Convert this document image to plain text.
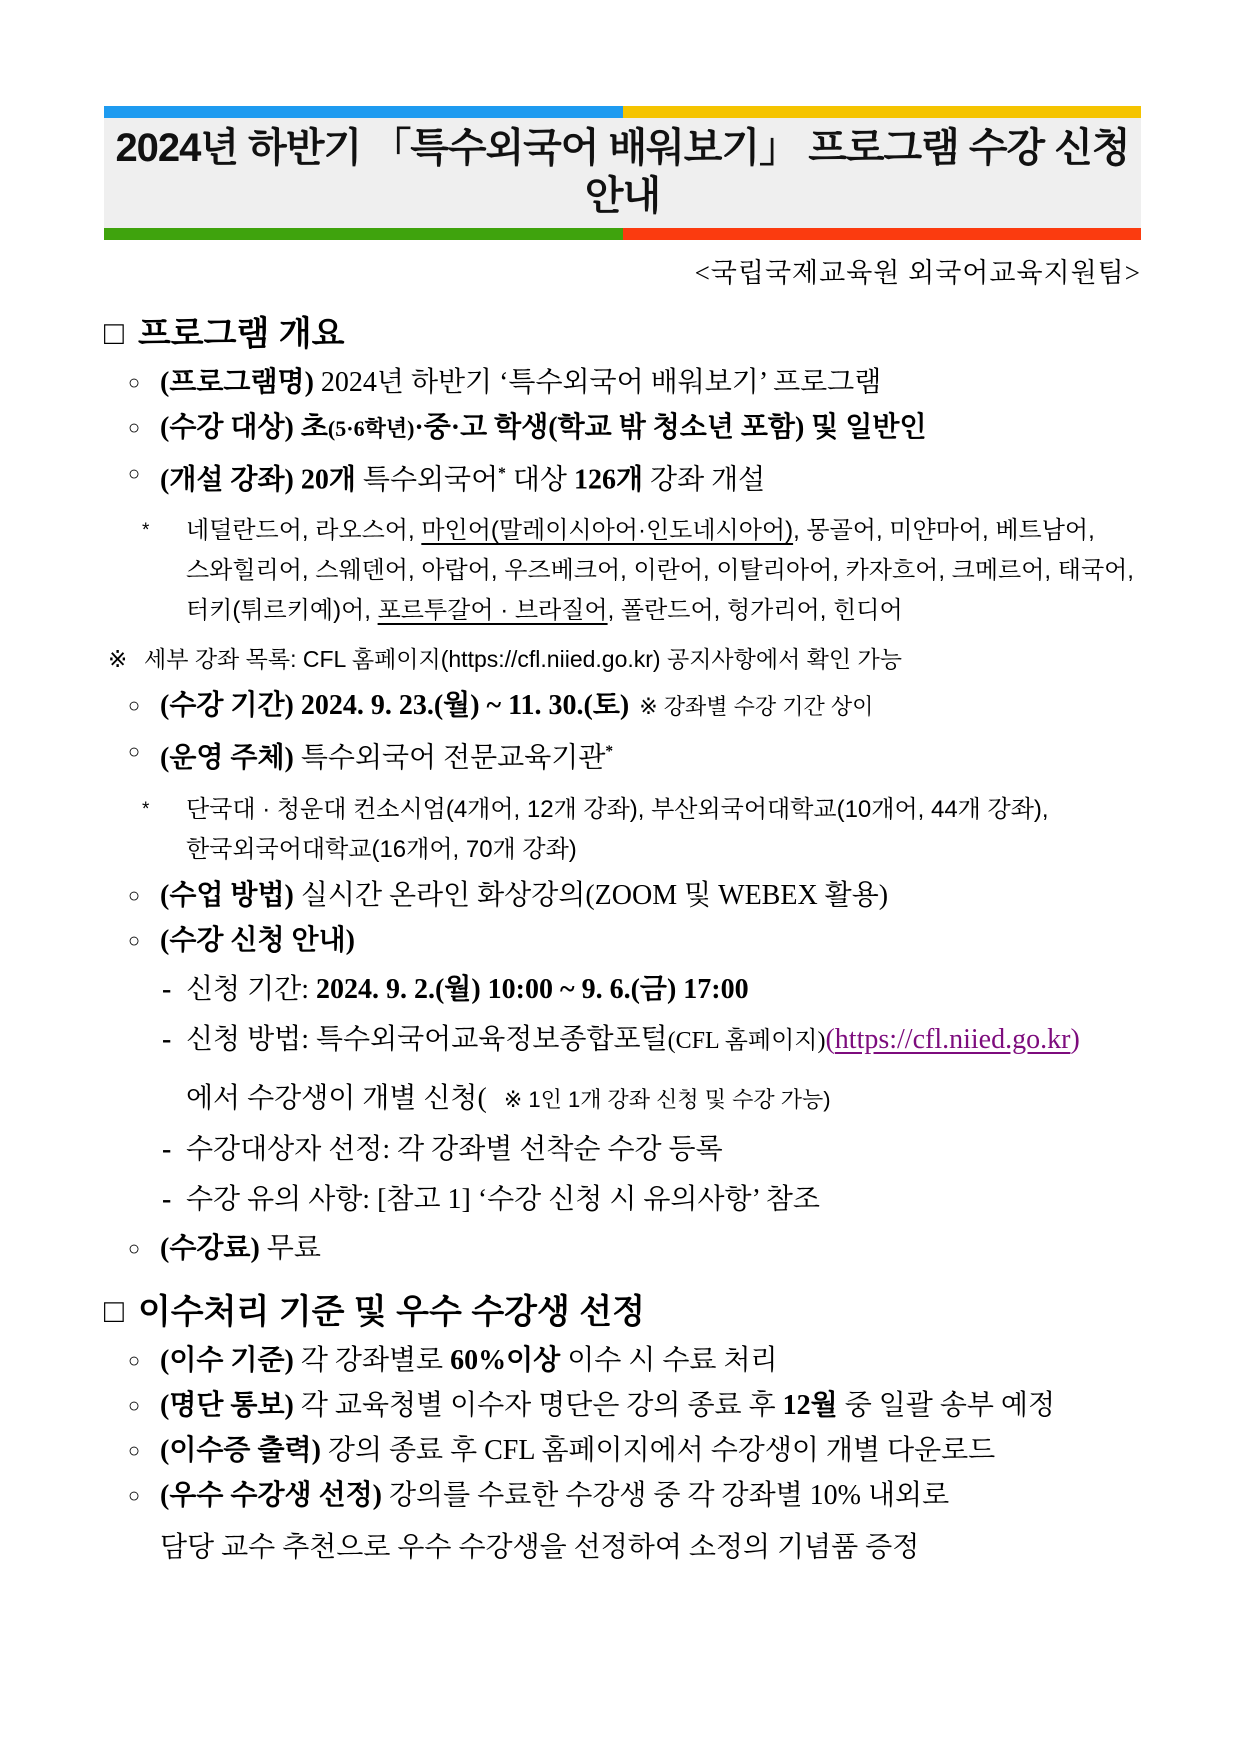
2024년 하반기 「특수외국어 배워보기」 프로그램 수강 신청 안내
<국립국제교육원 외국어교육지원팀>
□ 프로그램 개요
○ (프로그램명) 2024년 하반기 ‘특수외국어 배워보기’ 프로그램
○ (수강 대상) 초(5·6학년)·중·고 학생(학교 밖 청소년 포함) 및 일반인
○ (개설 강좌) 20개 특수외국어* 대상 126개 강좌 개설
*	네덜란드어, 라오스어, 마인어(말레이시아어·인도네시아어), 몽골어, 미얀마어, 베트남어,
스와힐리어, 스웨덴어, 아랍어, 우즈베크어, 이란어, 이탈리아어, 카자흐어, 크메르어, 태국어,
터키(튀르키예)어, 포르투갈어 · 브라질어, 폴란드어, 헝가리어, 힌디어
※ 세부 강좌 목록: CFL 홈페이지(https://cfl.niied.go.kr) 공지사항에서 확인 가능
○ (수강 기간) 2024. 9. 23.(월) ~ 11. 30.(토) ※ 강좌별 수강 기간 상이
○ (운영 주체) 특수외국어 전문교육기관*
*	단국대 · 청운대 컨소시엄(4개어, 12개 강좌), 부산외국어대학교(10개어, 44개 강좌),
한국외국어대학교(16개어, 70개 강좌)
○ (수업 방법) 실시간 온라인 화상강의(ZOOM 및 WEBEX 활용)
○ (수강 신청 안내)
- 신청 기간: 2024. 9. 2.(월) 10:00 ~ 9. 6.(금) 17:00
- 신청 방법: 특수외국어교육정보종합포털(CFL 홈페이지)(https://cfl.niied.go.kr)
에서 수강생이 개별 신청( ※ 1인 1개 강좌 신청 및 수강 가능)
- 수강대상자 선정: 각 강좌별 선착순 수강 등록
- 수강 유의 사항: [참고 1] ‘수강 신청 시 유의사항’ 참조
○ (수강료) 무료
□ 이수처리 기준 및 우수 수강생 선정
○ (이수 기준) 각 강좌별로 60%이상 이수 시 수료 처리
○ (명단 통보) 각 교육청별 이수자 명단은 강의 종료 후 12월 중 일괄 송부 예정
○ (이수증 출력) 강의 종료 후 CFL 홈페이지에서 수강생이 개별 다운로드
○ (우수 수강생 선정) 강의를 수료한 수강생 중 각 강좌별 10% 내외로
담당 교수 추천으로 우수 수강생을 선정하여 소정의 기념품 증정
